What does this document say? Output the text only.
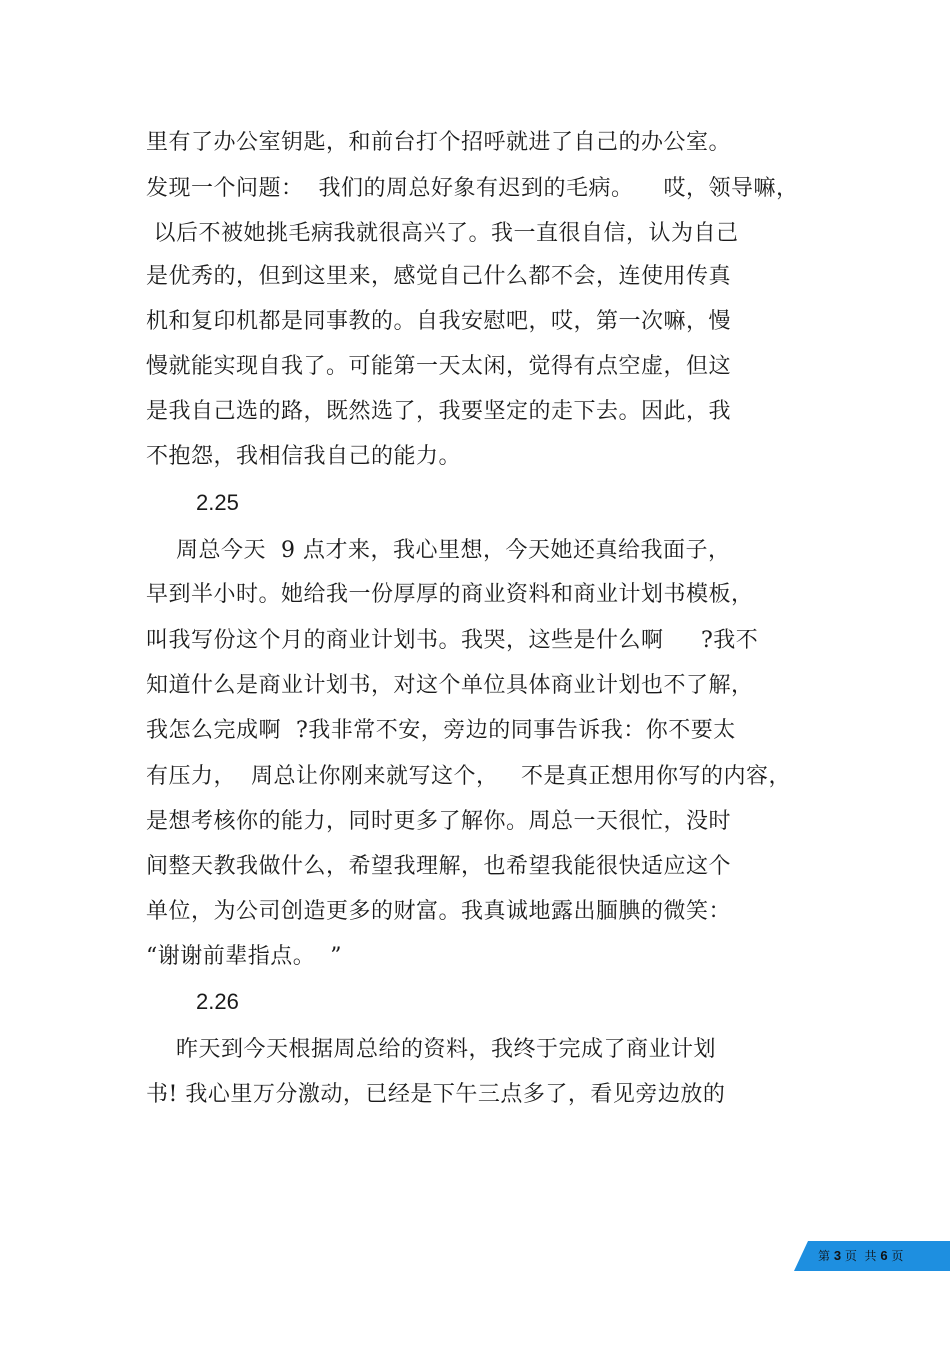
里有了办公室钥匙，和前台打个招呼就进了自己的办公室。
发现一个问题：  我们的周总好象有迟到的毛病。    哎，领导嘛，
以后不被她挑毛病我就很高兴了。我一直很自信，认为自己
是优秀的，但到这里来，感觉自己什么都不会，连使用传真
机和复印机都是同事教的。自我安慰吧，哎，第一次嘛，慢
慢就能实现自我了。可能第一天太闲，觉得有点空虚，但这
是我自己选的路，既然选了，我要坚定的走下去。因此，我
不抱怨，我相信我自己的能力。
2.25
周总今天  9 点才来，我心里想，今天她还真给我面子，
早到半小时。她给我一份厚厚的商业资料和商业计划书模板，
叫我写份这个月的商业计划书。我哭，这些是什么啊     ?我不
知道什么是商业计划书，对这个单位具体商业计划也不了解，
我怎么完成啊  ?我非常不安，旁边的同事告诉我：你不要太
有压力，  周总让你刚来就写这个，   不是真正想用你写的内容，
是想考核你的能力，同时更多了解你。周总一天很忙，没时
间整天教我做什么，希望我理解，也希望我能很快适应这个
单位，为公司创造更多的财富。我真诚地露出腼腆的微笑：
“谢谢前辈指点。  ”
2.26
昨天到今天根据周总给的资料，我终于完成了商业计划
书! 我心里万分激动，已经是下午三点多了，看见旁边放的
第 3 页  共 6 页
